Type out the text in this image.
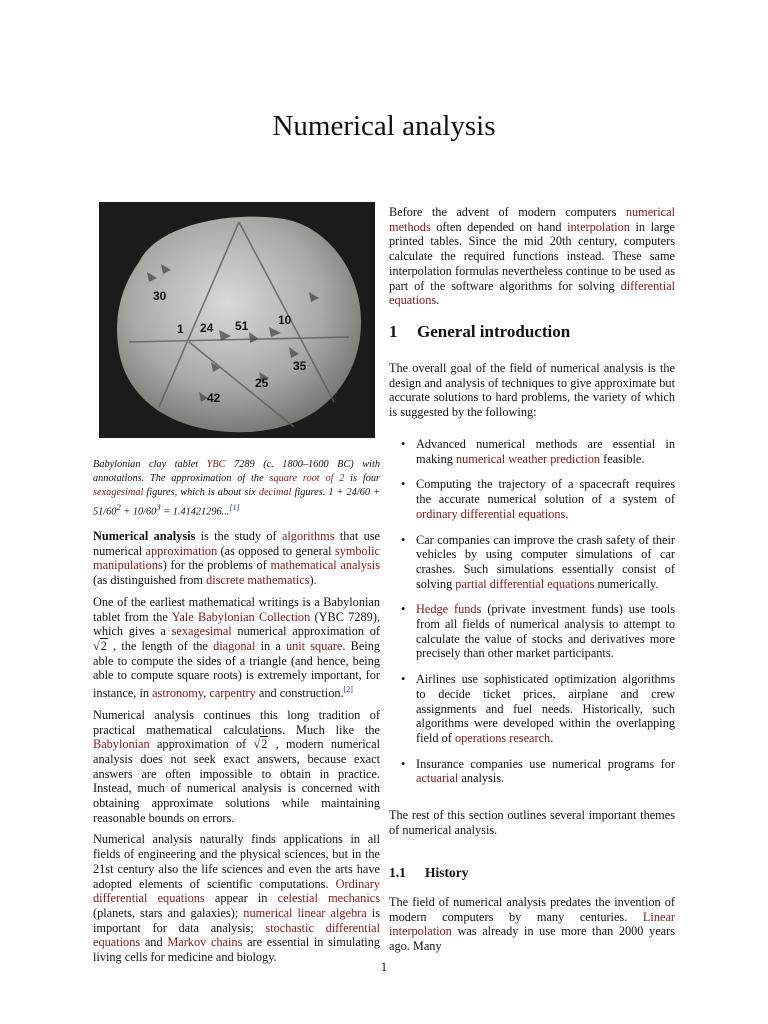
Numerical analysis
30
1 24 51 10
35
25
42
Babylonian clay tablet YBC 7289 (c. 1800–1600 BC) with annotations. The approximation of the square root of 2 is four sexagesimal figures, which is about six decimal figures. $1 + 24/60 + 51/60^2 + 10/60^3 = 1.41421296...[1]$

Numerical analysis is the study of algorithms that use numerical approximation (as opposed to general symbolic manipulations) for the problems of mathematical analysis (as distinguished from discrete mathematics).

One of the earliest mathematical writings is a Babylonian tablet from the Yale Babylonian Collection (YBC 7289), which gives a sexagesimal numerical approximation of √2 , the length of the diagonal in a unit square. Being able to compute the sides of a triangle (and hence, being able to compute square roots) is extremely important, for instance, in astronomy, carpentry and construction.[2]

Numerical analysis continues this long tradition of practical mathematical calculations. Much like the Babylonian approximation of √2 , modern numerical analysis does not seek exact answers, because exact answers are often impossible to obtain in practice. Instead, much of numerical analysis is concerned with obtaining approximate solutions while maintaining reasonable bounds on errors.

Numerical analysis naturally finds applications in all fields of engineering and the physical sciences, but in the 21st century also the life sciences and even the arts have adopted elements of scientific computations. Ordinary differential equations appear in celestial mechanics (planets, stars and galaxies); numerical linear algebra is important for data analysis; stochastic differential equations and Markov chains are essential in simulating living cells for medicine and biology.

Before the advent of modern computers numerical methods often depended on hand interpolation in large printed tables. Since the mid 20th century, computers calculate the required functions instead. These same interpolation formulas nevertheless continue to be used as part of the software algorithms for solving differential equations.

1 General introduction

The overall goal of the field of numerical analysis is the design and analysis of techniques to give approximate but accurate solutions to hard problems, the variety of which is suggested by the following:

• Advanced numerical methods are essential in making numerical weather prediction feasible.
• Computing the trajectory of a spacecraft requires the accurate numerical solution of a system of ordinary differential equations.
• Car companies can improve the crash safety of their vehicles by using computer simulations of car crashes. Such simulations essentially consist of solving partial differential equations numerically.
• Hedge funds (private investment funds) use tools from all fields of numerical analysis to attempt to calculate the value of stocks and derivatives more precisely than other market participants.
• Airlines use sophisticated optimization algorithms to decide ticket prices, airplane and crew assignments and fuel needs. Historically, such algorithms were developed within the overlapping field of operations research.
• Insurance companies use numerical programs for actuarial analysis.

The rest of this section outlines several important themes of numerical analysis.

1.1 History

The field of numerical analysis predates the invention of modern computers by many centuries. Linear interpolation was already in use more than 2000 years ago. Many

1
